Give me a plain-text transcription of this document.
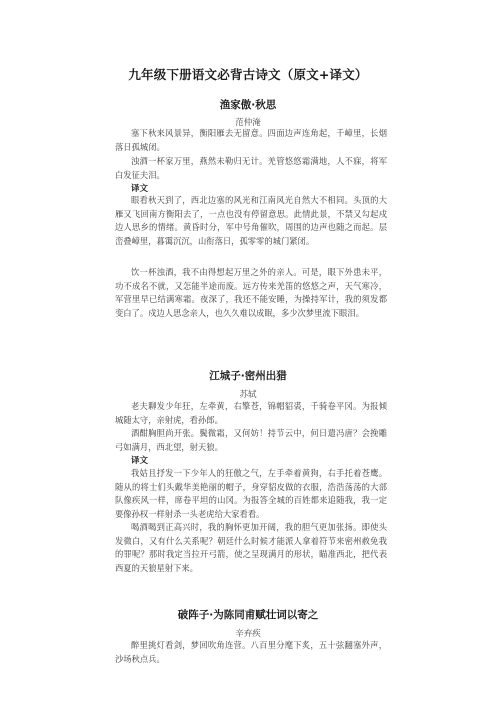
九年级下册语文必背古诗文（原文+译文）
渔家傲·秋思
范仲淹

塞下秋来风景异，衡阳雁去无留意。四面边声连角起，千嶂里，长烟落日孤城闭。

浊酒一杯家万里，燕然未勒归无计。羌管悠悠霜满地，人不寐，将军白发征夫泪。

译文

眼看秋天到了，西北边塞的风光和江南风光自然大不相同。头顶的大雁又飞回南方衡阳去了，一点也没有停留意思。此情此景，不禁又勾起戍边人思乡的情绪。黄昏时分，军中号角催吹，周围的边声也随之而起。层峦叠嶂里，暮霭沉沉，山衔落日，孤零零的城门紧闭。

饮一杯浊酒，我不由得想起万里之外的亲人。可是，眼下外患未平，功不成名不就，又怎能半途而废。远方传来羌笛的悠悠之声，天气寒冷，军营里早已结满寒霜。夜深了，我还不能安睡，为操持军计，我的须发都变白了。戍边人思念亲人，也久久难以成眠，多少次梦里流下眼泪。

江城子·密州出猎
苏轼

老夫聊发少年狂，左牵黄，右擎苍，锦帽貂裘，千骑卷平冈。为报倾城随太守，亲射虎，看孙郎。

酒酣胸胆尚开张。鬓微霜，又何妨！持节云中，何日遣冯唐？会挽雕弓如满月，西北望，射天狼。

译文

我姑且抒发一下少年人的狂傲之气，左手牵着黄狗，右手托着苍鹰。随从的将士们头戴华美艳丽的帽子，身穿貂皮做的衣服，浩浩荡荡的大部队像疾风一样，席卷平坦的山冈。为报答全城的百姓都来追随我，我一定要像孙权一样射杀一头老虎给大家看看。

喝酒喝到正高兴时，我的胸怀更加开阔，我的胆气更加张扬。即使头发微白，又有什么关系呢？朝廷什么时候才能派人拿着符节来密州赦免我的罪呢？那时我定当拉开弓箭，使之呈现满月的形状，瞄准西北，把代表西夏的天狼星射下来。

破阵子·为陈同甫赋壮词以寄之
辛弃疾

醉里挑灯看剑，梦回吹角连营。八百里分麾下炙，五十弦翻塞外声，沙场秋点兵。
